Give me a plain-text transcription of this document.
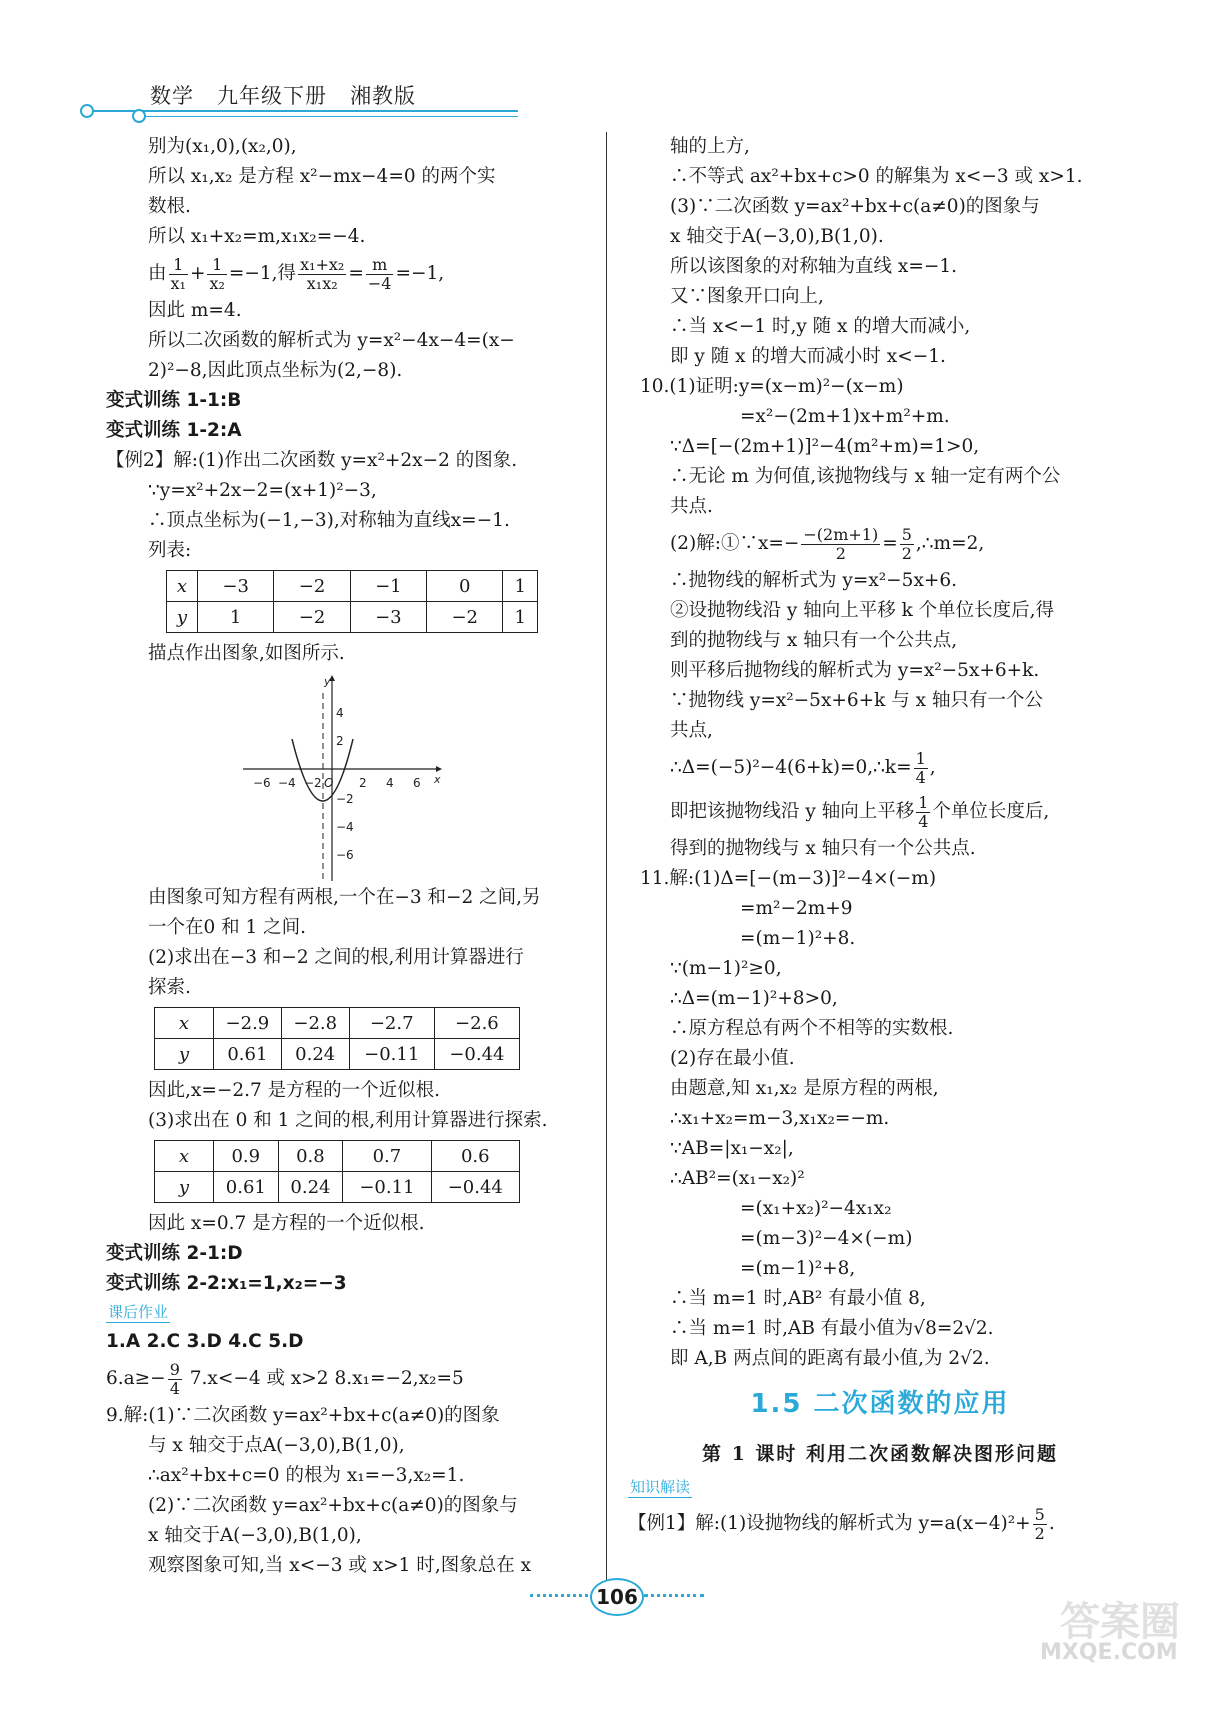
数学 九年级下册 湘教版
别为(x₁,0),(x₂,0),
所以 x₁,x₂ 是方程 x²−mx−4=0 的两个实
数根.
所以 x₁+x₂=m,x₁x₂=−4.
由 $\frac{1}{\text{x₁}} + \frac{1}{\text{x₂}} =-1$,得 $\frac{\text{x₁+x₂}}{\text{x₁x₂}} = \frac{m}{-4} =-1$,
因此 m=4.
所以二次函数的解析式为 y=x²−4x−4=(x−
2)²−8,因此顶点坐标为(2,−8).
变式训练 1-1:B
变式训练 1-2:A
【例2】解:(1)作出二次函数 y=x²+2x−2 的图象.
∵y=x²+2x−2=(x+1)²−3,
∴顶点坐标为(−1,−3),对称轴为直线x=−1.
列表:
x	−3	−2	−1	0	1
y	1	−2	−3	−2	1
描点作出图象,如图所示.
−6 −4 −2 O 2 4 6 x
4
2
−2
−4
−6
y
由图象可知方程有两根,一个在−3 和−2 之间,另
一个在0 和 1 之间.
(2)求出在−3 和−2 之间的根,利用计算器进行
探索.
x	−2.9	−2.8	−2.7	−2.6
y	0.61	0.24	−0.11	−0.44
因此,x=−2.7 是方程的一个近似根.
(3)求出在 0 和 1 之间的根,利用计算器进行探索.
x	0.9	0.8	0.7	0.6
y	0.61	0.24	−0.11	−0.44
因此 x=0.7 是方程的一个近似根.
变式训练 2-1:D
变式训练 2-2:x₁=1,x₂=−3
课后作业
1.A 2.C 3.D 4.C 5.D
$6.a\ge- \frac{9}{4} 7.x<-4$ 或 x>2 8.x₁=−2,x₂=5
9.解:(1)∵二次函数 y=ax²+bx+c(a≠0)的图象
与 x 轴交于点A(−3,0),B(1,0),
∴ax²+bx+c=0 的根为 x₁=−3,x₂=1.
(2)∵二次函数 y=ax²+bx+c(a≠0)的图象与
x 轴交于A(−3,0),B(1,0),
观察图象可知,当 x<−3 或 x>1 时,图象总在 x
轴的上方,
∴不等式 ax²+bx+c>0 的解集为 x<−3 或 x>1.
(3)∵二次函数 y=ax²+bx+c(a≠0)的图象与
x 轴交于A(−3,0),B(1,0).
所以该图象的对称轴为直线 x=−1.
又∵图象开口向上,
∴当 x<−1 时,y 随 x 的增大而减小,
即 y 随 x 的增大而减小时 x<−1.
10.(1)证明:y=(x−m)²−(x−m)
=x²−(2m+1)x+m²+m.
∵Δ=[−(2m+1)]²−4(m²+m)=1>0,
∴无论 m 为何值,该抛物线与 x 轴一定有两个公
共点.
(2)解:①∵x=− $\frac{-(2m+1)}{2} = \frac{5}{2}$ ,∴m=2,
∴抛物线的解析式为 y=x²−5x+6.
②设抛物线沿 y 轴向上平移 k 个单位长度后,得
到的抛物线与 x 轴只有一个公共点,
则平移后抛物线的解析式为 y=x²−5x+6+k.
∵抛物线 y=x²−5x+6+k 与 x 轴只有一个公
共点,
∴Δ=(−5)²−4(6+k)=0,∴k= $\frac{1}{4}$ ,
即把该抛物线沿 y 轴向上平移 $\frac{1}{4}$ 个单位长度后,
得到的抛物线与 x 轴只有一个公共点.
11.解:(1)Δ=[−(m−3)]²−4×(−m)
=m²−2m+9
=(m−1)²+8.
∵(m−1)²≥0,
∴Δ=(m−1)²+8>0,
∴原方程总有两个不相等的实数根.
(2)存在最小值.
由题意,知 x₁,x₂ 是原方程的两根,
∴x₁+x₂=m−3,x₁x₂=−m.
∵AB=|x₁−x₂|,
∴AB²=(x₁−x₂)²
=(x₁+x₂)²−4x₁x₂
=(m−3)²−4×(−m)
=(m−1)²+8,
∴当 m=1 时,AB² 有最小值 8,
∴当 m=1 时,AB 有最小值为√8=2√2.
即 A,B 两点间的距离有最小值,为 2√2.
1.5 二次函数的应用
第 1 课时 利用二次函数解决图形问题
知识解读
【例1】解:(1)设抛物线的解析式为 $y=a(x-4)^2+ \frac{5}{2}$ .
106
答案圈
MXQE.COM
